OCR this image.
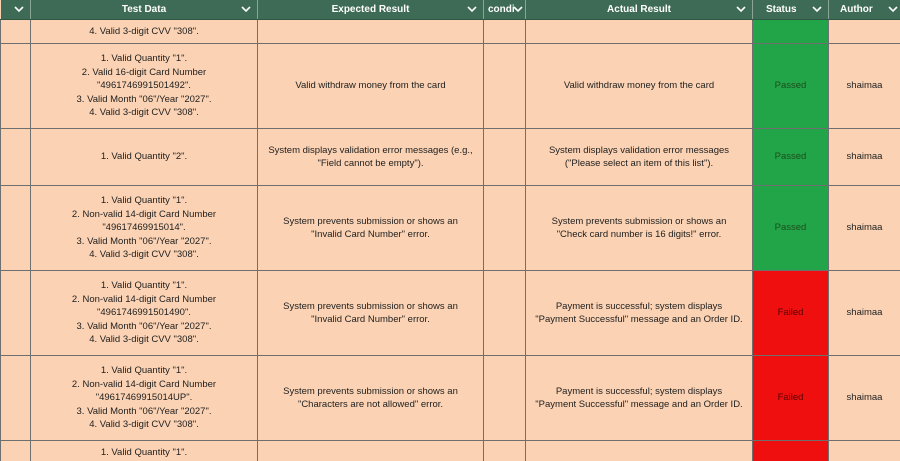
Test Data	Expected Result	condi	Actual Result	Status	Author

	4. Valid 3-digit CVV "308".					

	1. Valid Quantity "1".
2. Valid 16-digit Card Number
"4961746991501492".
3. Valid Month "06"/Year "2027".
4. Valid 3-digit CVV "308".	Valid withdraw money from the card		Valid withdraw money from the card	Passed	shaimaa

	1. Valid Quantity "2".	System displays validation error messages (e.g.,
"Field cannot be empty").		System displays validation error messages
("Please select an item of this list").	Passed	shaimaa

	1. Valid Quantity "1".
2. Non-valid 14-digit Card Number
"49617469915014".
3. Valid Month "06"/Year "2027".
4. Valid 3-digit CVV "308".	System prevents submission or shows an
"Invalid Card Number" error.		System prevents submission or shows an
"Check card number is 16 digits!" error.	Passed	shaimaa

	1. Valid Quantity "1".
2. Non-valid 14-digit Card Number
"4961746991501490".
3. Valid Month "06"/Year "2027".
4. Valid 3-digit CVV "308".	System prevents submission or shows an
"Invalid Card Number" error.		Payment is successful; system displays
"Payment Successful" message and an Order ID.	Failed	shaimaa

	1. Valid Quantity "1".
2. Non-valid 14-digit Card Number
"49617469915014UP".
3. Valid Month "06"/Year "2027".
4. Valid 3-digit CVV "308".	System prevents submission or shows an
"Characters are not allowed" error.		Payment is successful; system displays
"Payment Successful" message and an Order ID.	Failed	shaimaa

	1. Valid Quantity "1".					
